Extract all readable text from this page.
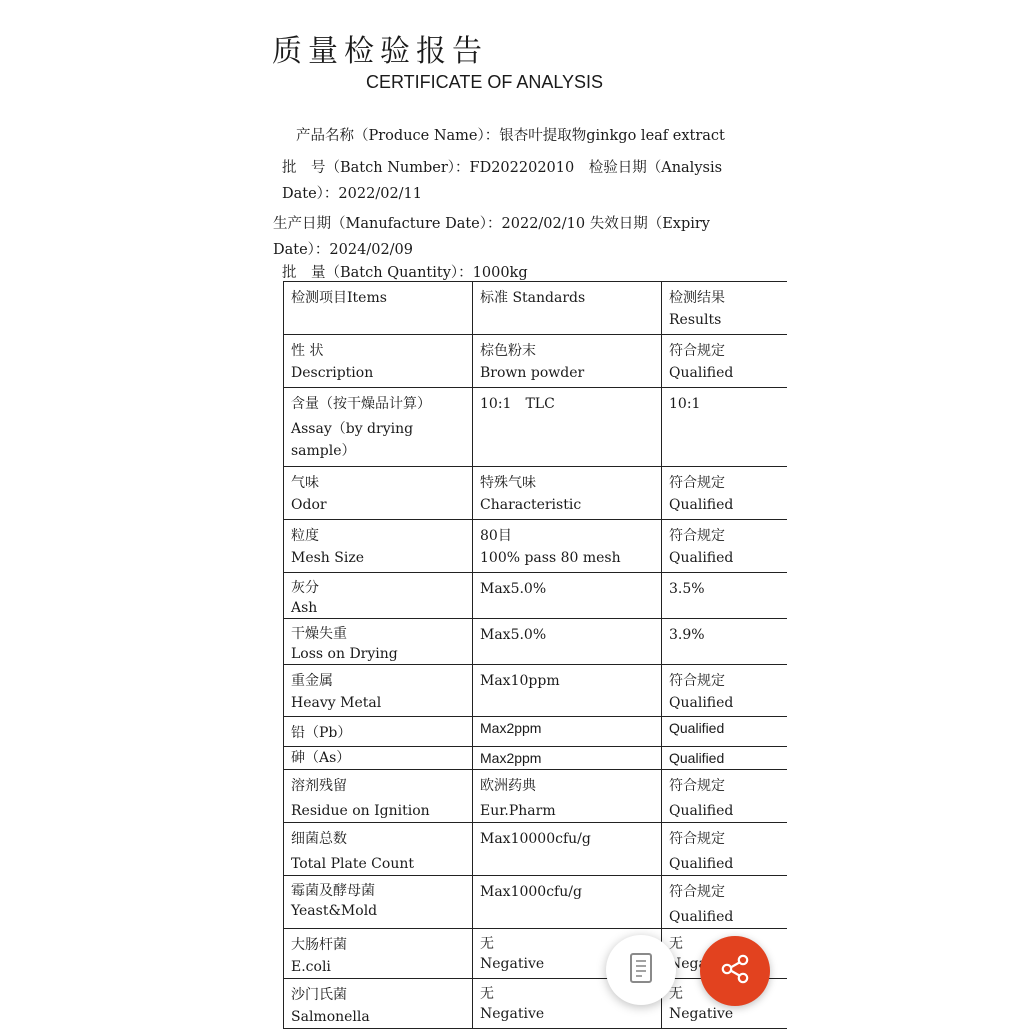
质量检验报告
CERTIFICATE OF ANALYSIS
产品名称（Produce Name）：银杏叶提取物ginkgo leaf extract
批　号（Batch Number）：FD202202010　检验日期（Analysis
Date）：2022/02/11
生产日期（Manufacture Date）：2022/02/10 失效日期（Expiry
Date）：2024/02/09
批　量（Batch Quantity）：1000kg
检测项目Items	标准 Standards	检测结果
Results

性 状
Description	棕色粉末
Brown powder	符合规定
Qualified

含量（按干燥品计算）
Assay（by drying
sample）	10:1　TLC	10:1

气味
Odor	特殊气味
Characteristic	符合规定
Qualified

粒度
Mesh Size	80目
100% pass 80 mesh	符合规定
Qualified

灰分
Ash	Max5.0%	3.5%

干燥失重
Loss on Drying	Max5.0%	3.9%

重金属
Heavy Metal	Max10ppm	符合规定
Qualified

铅（Pb）	Max2ppm	Qualified

砷（As）	Max2ppm	Qualified

溶剂残留
Residue on Ignition	欧洲药典
Eur.Pharm	符合规定
Qualified

细菌总数
Total Plate Count	Max10000cfu/g	符合规定
Qualified

霉菌及酵母菌
Yeast&Mold	Max1000cfu/g	符合规定
Qualified

大肠杆菌
E.coli	无
Negative	无

沙门氏菌
Salmonella	无
Negative	无
Negative
